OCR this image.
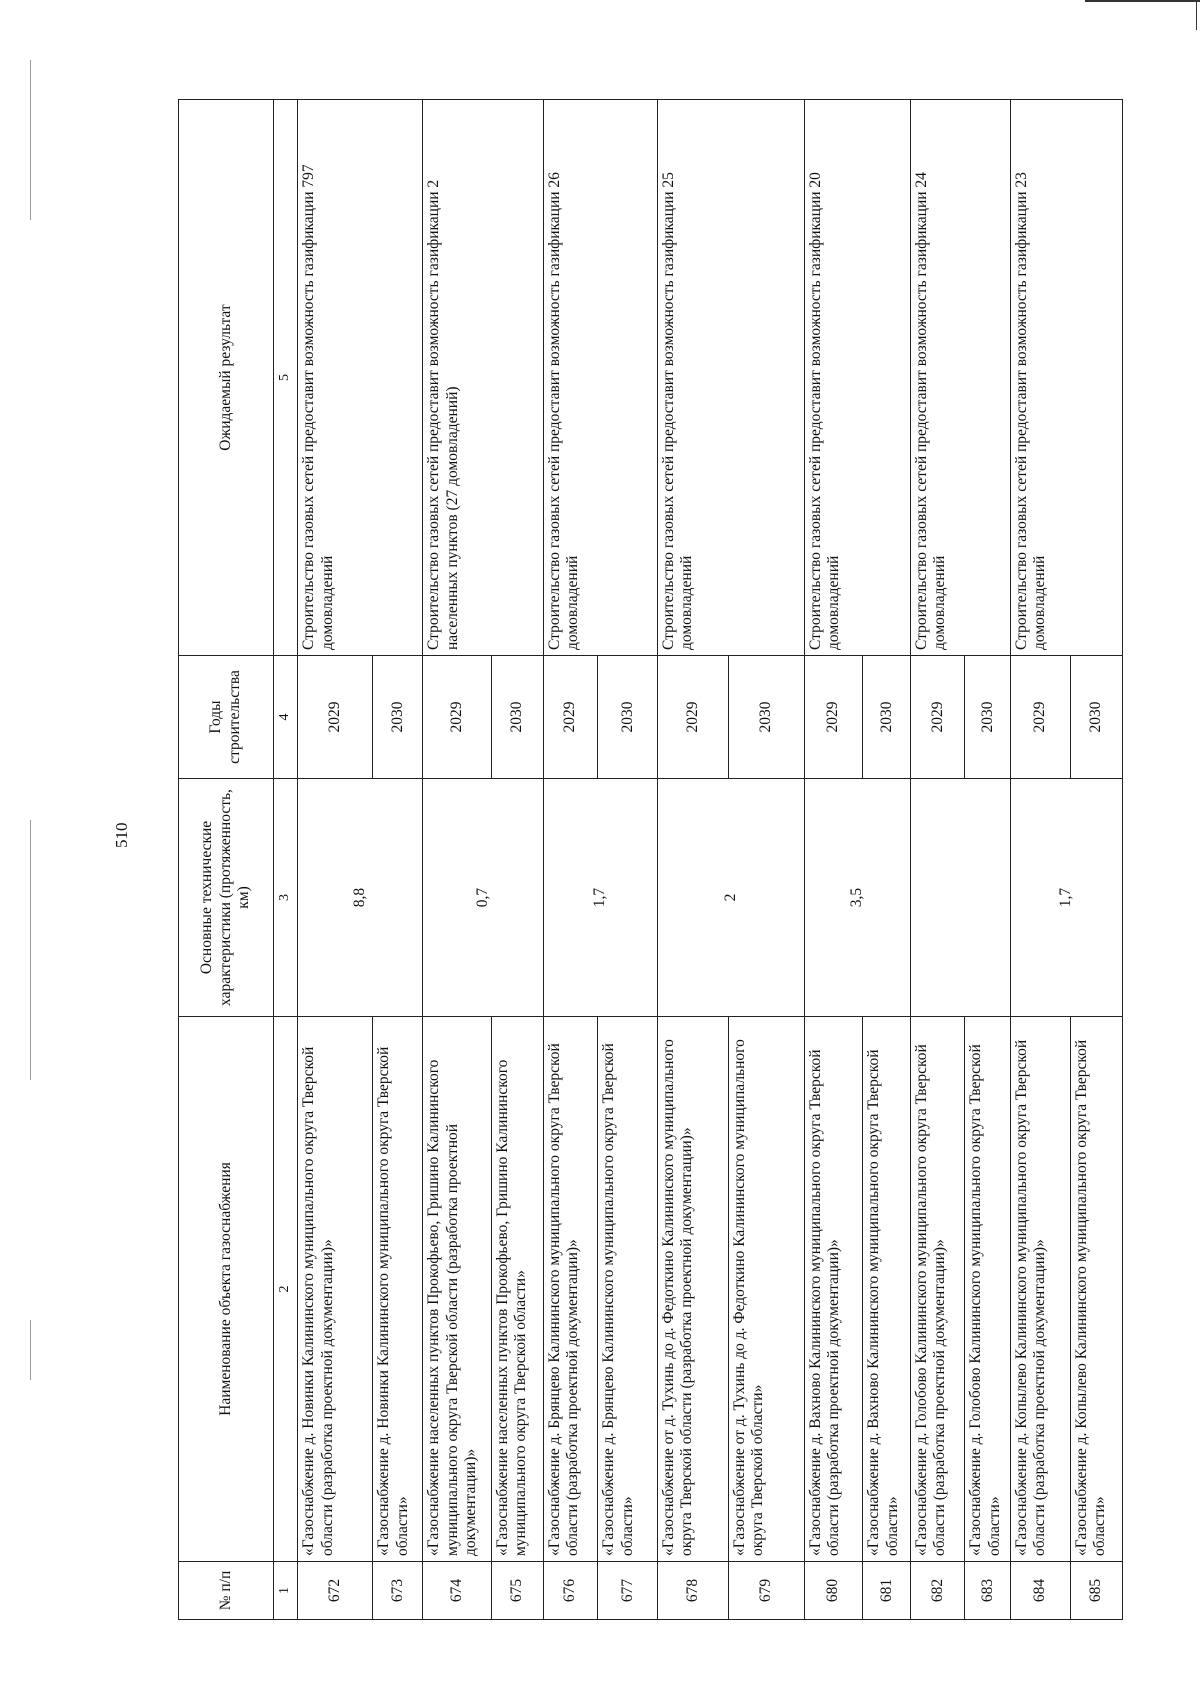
510
№ п/п	Наименование объекта газоснабжения	Основные технические характеристики (протяженность, км)	Годы строительства	Ожидаемый результат
1	2	3	4	5
672	«Газоснабжение д. Новинки Калининского муниципального округа Тверской области (разработка проектной документации)»	8,8	2029	Строительство газовых сетей предоставит возможность газификации 797 домовладений
673	«Газоснабжение д. Новинки Калининского муниципального округа Тверской области»		2030	
674	«Газоснабжение населенных пунктов Прокофьево, Гришино Калининского муниципального округа Тверской области (разработка проектной документации)»	0,7	2029	Строительство газовых сетей предоставит возможность газификации 2 населенных пунктов (27 домовладений)
675	«Газоснабжение населенных пунктов Прокофьево, Гришино Калининского муниципального округа Тверской области»		2030	
676	«Газоснабжение д. Брянцево Калининского муниципального округа Тверской области (разработка проектной документации)»	1,7	2029	Строительство газовых сетей предоставит возможность газификации 26 домовладений
677	«Газоснабжение д. Брянцево Калининского муниципального округа Тверской области»		2030	
678	«Газоснабжение от д. Тухинь до д. Федоткино Калининского муниципального округа Тверской области (разработка проектной документации)»	2	2029	Строительство газовых сетей предоставит возможность газификации 25 домовладений
679	«Газоснабжение от д. Тухинь до д. Федоткино Калининского муниципального округа Тверской области»		2030	
680	«Газоснабжение д. Вахново Калининского муниципального округа Тверской области (разработка проектной документации)»	3,5	2029	Строительство газовых сетей предоставит возможность газификации 20 домовладений
681	«Газоснабжение д. Вахново Калининского муниципального округа Тверской области»		2030	
682	«Газоснабжение д. Голобово Калининского муниципального округа Тверской области (разработка проектной документации)»		2029	Строительство газовых сетей предоставит возможность газификации 24 домовладений
683	«Газоснабжение д. Голобово Калининского муниципального округа Тверской области»		2030	
684	«Газоснабжение д. Копылево Калининского муниципального округа Тверской области (разработка проектной документации)»	1,7	2029	Строительство газовых сетей предоставит возможность газификации 23 домовладений
685	«Газоснабжение д. Копылево Калининского муниципального округа Тверской области»		2030	
